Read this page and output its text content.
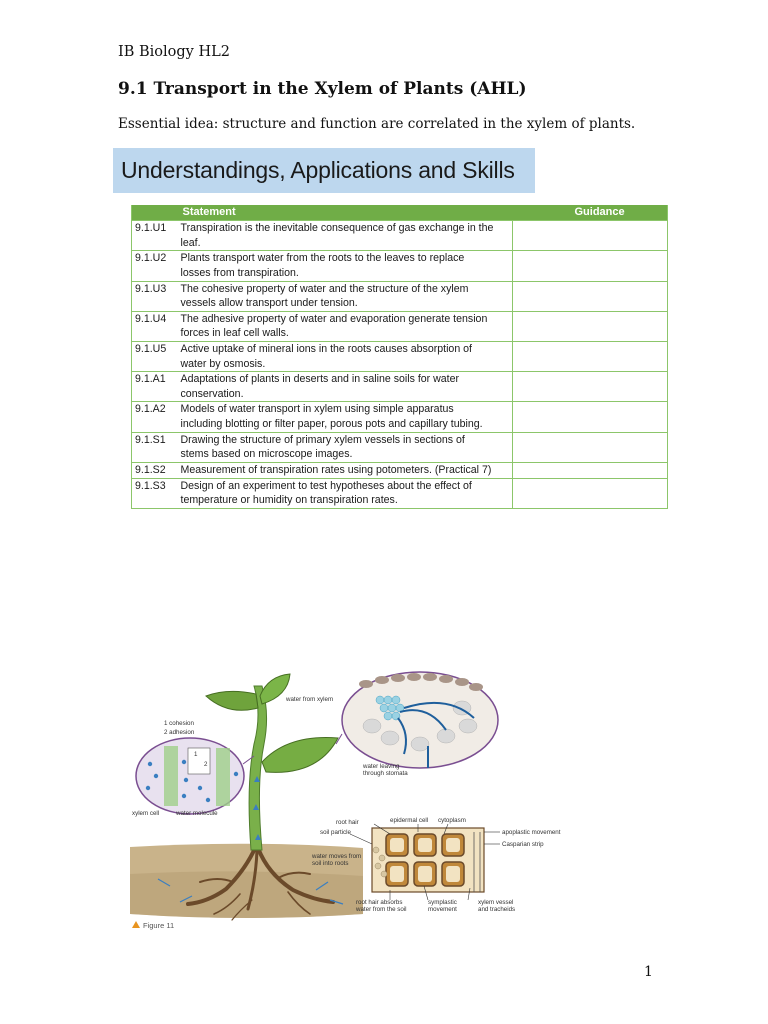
IB Biology HL2
9.1 Transport in the Xylem of Plants (AHL)
Essential idea: structure and function are correlated in the xylem of plants.
Understandings, Applications and Skills
	Statement	Guidance
9.1.U1	Transpiration is the inevitable consequence of gas exchange in the
leaf.	

9.1.U2	Plants transport water from the roots to the leaves to replace
losses from transpiration.	

9.1.U3	The cohesive property of water and the structure of the xylem
vessels allow transport under tension.	

9.1.U4	The adhesive property of water and evaporation generate tension
forces in leaf cell walls.	

9.1.U5	Active uptake of mineral ions in the roots causes absorption of
water by osmosis.	

9.1.A1	Adaptations of plants in deserts and in saline soils for water
conservation.	

9.1.A2	Models of water transport in xylem using simple apparatus
including blotting or filter paper, porous pots and capillary tubing.	

9.1.S1	Drawing the structure of primary xylem vessels in sections of
stems based on microscope images.	

9.1.S2	Measurement of transpiration rates using potometers. (Practical 7)	

9.1.S3	Design of an experiment to test hypotheses about the effect of
temperature or humidity on transpiration rates.	

1 cohesion
2 adhesion
1
2
xylem cell	water molecule
water from xylem
water leaving
through stomata
root hair	epidermal cell cytoplasm
soil particle	apoplastic movement
Casparian strip
water moves from
soil into roots
root hair absorbs
water from the soil
symplastic
movement
xylem vessel
and tracheids
Figure 11
1
